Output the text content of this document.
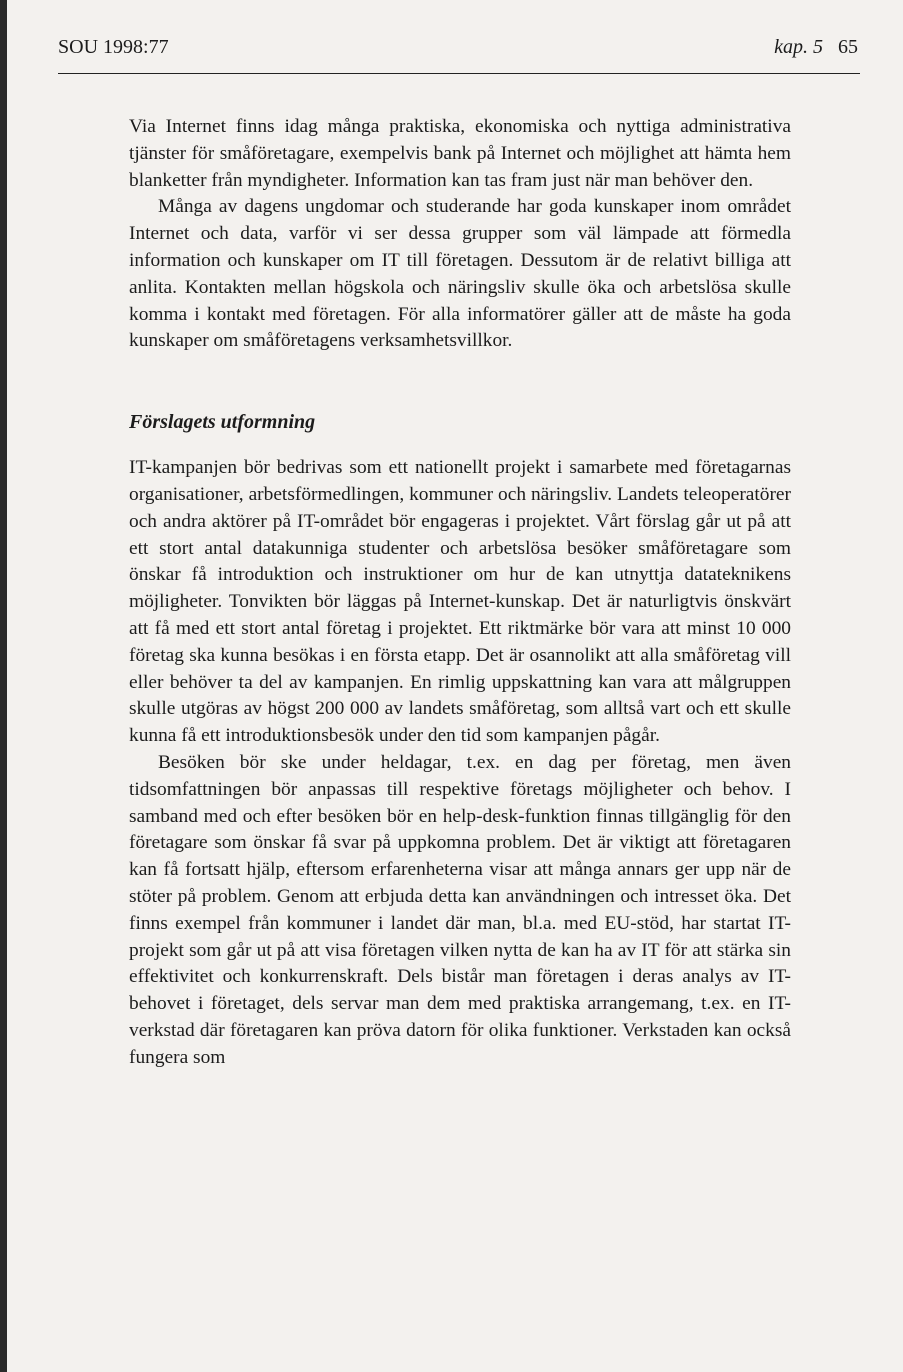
SOU 1998:77	kap. 5 65

Via Internet finns idag många praktiska, ekonomiska och nyttiga administrativa tjänster för småföretagare, exempelvis bank på Internet och möjlighet att hämta hem blanketter från myndigheter. Information kan tas fram just när man behöver den.

Många av dagens ungdomar och studerande har goda kunskaper inom området Internet och data, varför vi ser dessa grupper som väl lämpade att förmedla information och kunskaper om IT till företagen. Dessutom är de relativt billiga att anlita. Kontakten mellan högskola och näringsliv skulle öka och arbetslösa skulle komma i kontakt med företagen. För alla informatörer gäller att de måste ha goda kunskaper om småföretagens verksamhetsvillkor.

Förslagets utformning

IT-kampanjen bör bedrivas som ett nationellt projekt i samarbete med företagarnas organisationer, arbetsförmedlingen, kommuner och näringsliv. Landets teleoperatörer och andra aktörer på IT-området bör engageras i projektet. Vårt förslag går ut på att ett stort antal datakunniga studenter och arbetslösa besöker småföretagare som önskar få introduktion och instruktioner om hur de kan utnyttja datateknikens möjligheter. Tonvikten bör läggas på Internet-kunskap. Det är naturligtvis önskvärt att få med ett stort antal företag i projektet. Ett riktmärke bör vara att minst 10 000 företag ska kunna besökas i en första etapp. Det är osannolikt att alla småföretag vill eller behöver ta del av kampanjen. En rimlig uppskattning kan vara att målgruppen skulle utgöras av högst 200 000 av landets småföretag, som alltså vart och ett skulle kunna få ett introduktionsbesök under den tid som kampanjen pågår.

Besöken bör ske under heldagar, t.ex. en dag per företag, men även tidsomfattningen bör anpassas till respektive företags möjligheter och behov. I samband med och efter besöken bör en help-desk-funktion finnas tillgänglig för den företagare som önskar få svar på uppkomna problem. Det är viktigt att företagaren kan få fortsatt hjälp, eftersom erfarenheterna visar att många annars ger upp när de stöter på problem. Genom att erbjuda detta kan användningen och intresset öka. Det finns exempel från kommuner i landet där man, bl.a. med EU-stöd, har startat IT-projekt som går ut på att visa företagen vilken nytta de kan ha av IT för att stärka sin effektivitet och konkurrenskraft. Dels bistår man företagen i deras analys av IT-behovet i företaget, dels servar man dem med praktiska arrangemang, t.ex. en IT-verkstad där företagaren kan pröva datorn för olika funktioner. Verkstaden kan också fungera som
